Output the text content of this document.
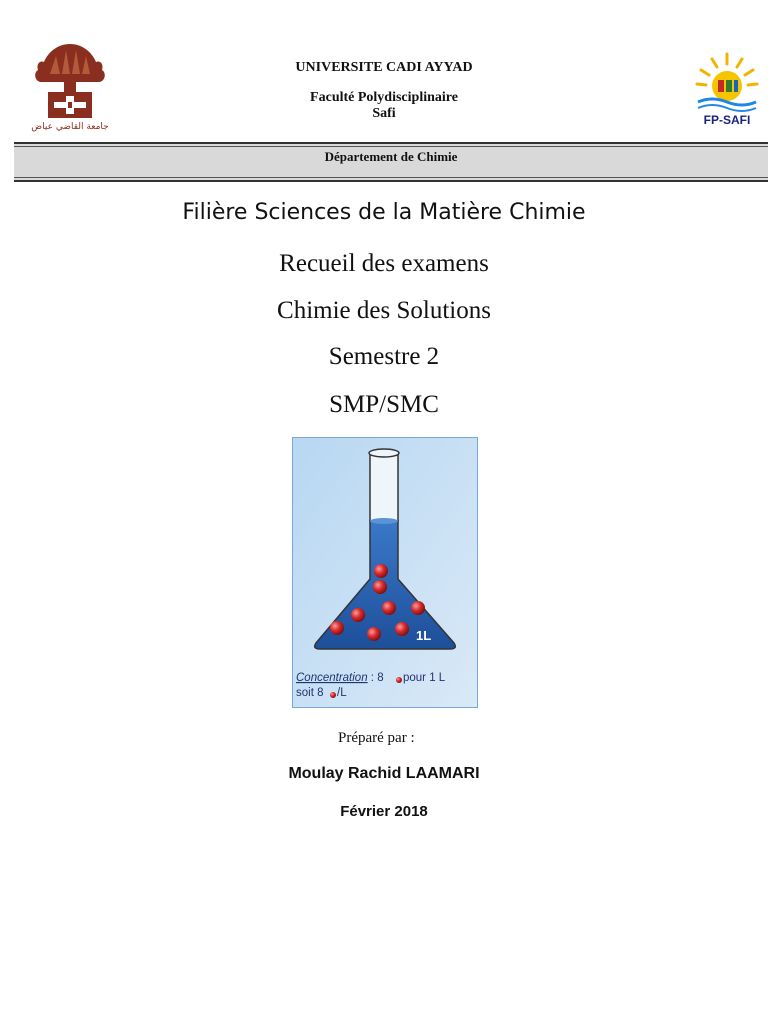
جامعة القاضي عياض
UNIVERSITE CADI AYYAD
Faculté Polydisciplinaire
Safi	FP-SAFI
Département de Chimie
Filière Sciences de la Matière Chimie
Recueil des examens
Chimie des Solutions
Semestre 2
SMP/SMC
1L
Concentration : 8 pour 1 L
soit 8 /L
Préparé par :
Moulay Rachid LAAMARI
Février 2018
